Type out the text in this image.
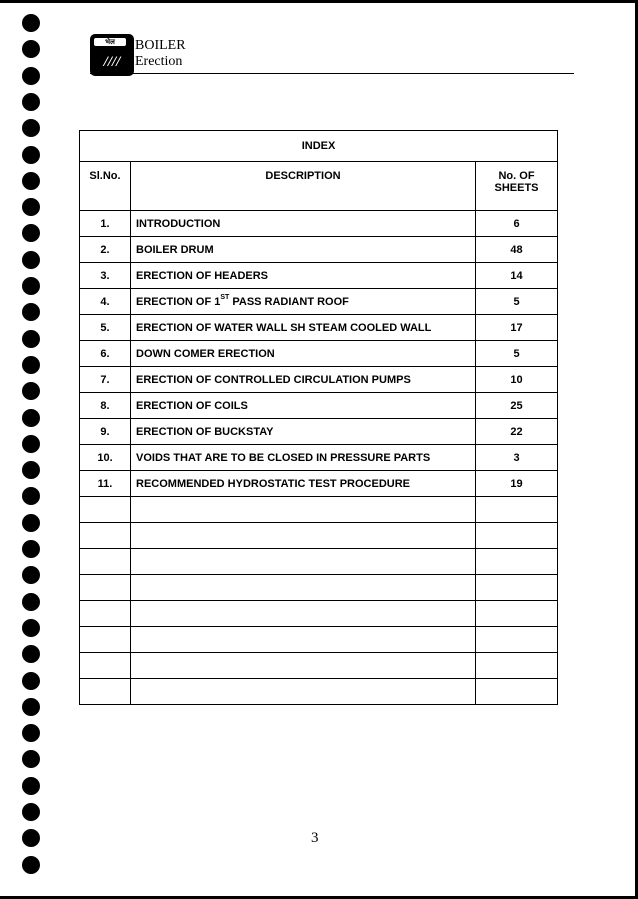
भेल
////
BOILER
Erection
INDEX		
Sl.No.	DESCRIPTION	No. OF SHEETS
1.	INTRODUCTION	6
2.	BOILER DRUM	48
3.	ERECTION OF HEADERS	14
4.	ERECTION OF 1ST PASS RADIANT ROOF	5
5.	ERECTION OF WATER WALL SH STEAM COOLED WALL	17
6.	DOWN COMER ERECTION	5
7.	ERECTION OF CONTROLLED CIRCULATION PUMPS	10
8.	ERECTION OF COILS	25
9.	ERECTION OF BUCKSTAY	22
10.	VOIDS THAT ARE TO BE CLOSED IN PRESSURE PARTS	3
11.	RECOMMENDED HYDROSTATIC TEST PROCEDURE	19

3
